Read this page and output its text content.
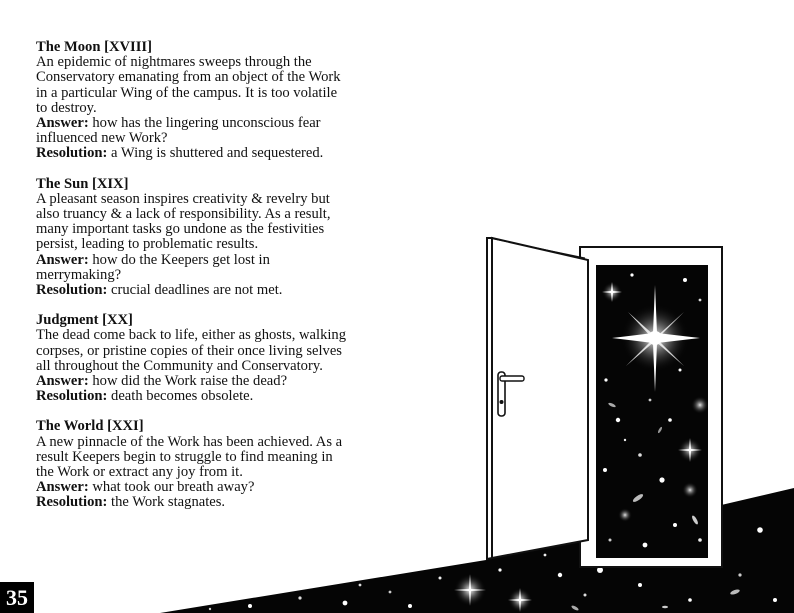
The Moon [XVIII]
An epidemic of nightmares sweeps through the Conservatory emanating from an object of the Work in a particular Wing of the campus. It is too volatile to destroy.
Answer: how has the lingering unconscious fear influenced new Work?
Resolution: a Wing is shuttered and sequestered.
The Sun [XIX]
A pleasant season inspires creativity & revelry but also truancy & a lack of responsibility. As a result, many important tasks go undone as the festivities persist, leading to problematic results.
Answer: how do the Keepers get lost in merrymaking?
Resolution: crucial deadlines are not met.
Judgment [XX]
The dead come back to life, either as ghosts, walking corpses, or pristine copies of their once living selves all throughout the Community and Conservatory.
Answer: how did the Work raise the dead?
Resolution: death becomes obsolete.
The World [XXI]
A new pinnacle of the Work has been achieved. As a result Keepers begin to struggle to find meaning in the Work or extract any joy from it.
Answer: what took our breath away?
Resolution: the Work stagnates.
35
